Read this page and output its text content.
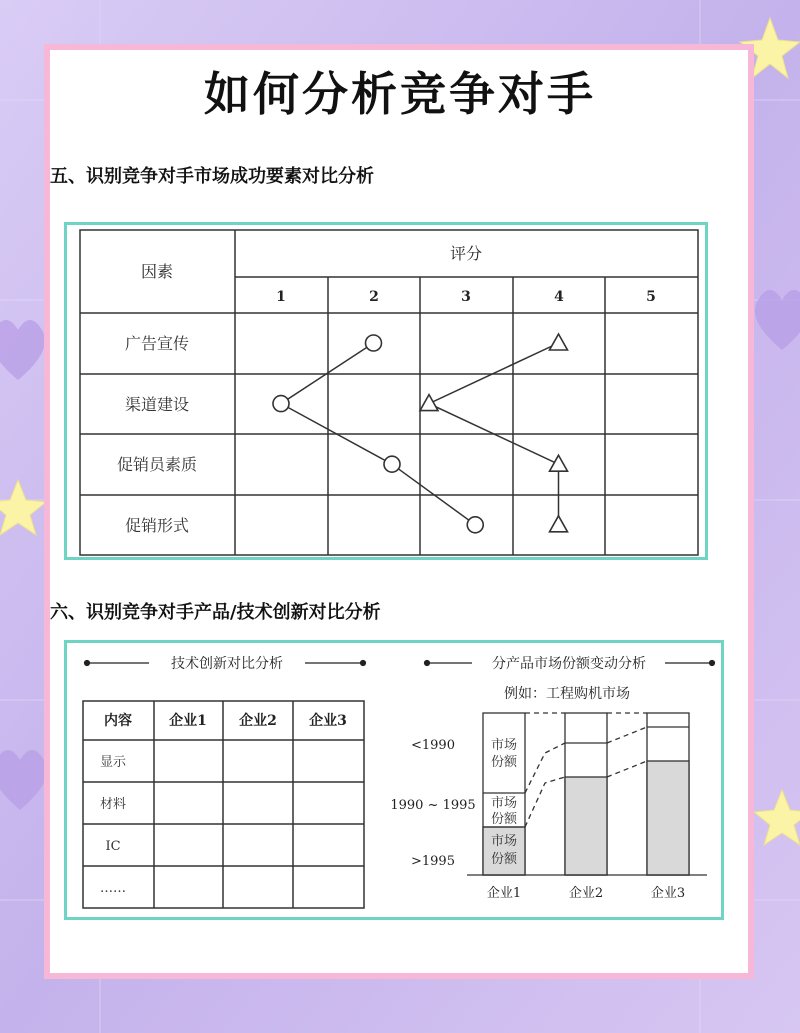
如何分析竞争对手
五、识别竞争对手市场成功要素对比分析
因素
评分
1	2	3	4	5
广告宣传
渠道建设
促销员素质
促销形式
六、识别竞争对手产品/技术创新对比分析
技术创新对比分析
内容	企业1 企业2 企业3
显示
材料
IC
……
分产品市场份额变动分析
例如：工程购机市场
<1990
1990 ~ 1995
>1995
市场
份额
市场
份额
市场
份额
企业1	企业2	企业3
